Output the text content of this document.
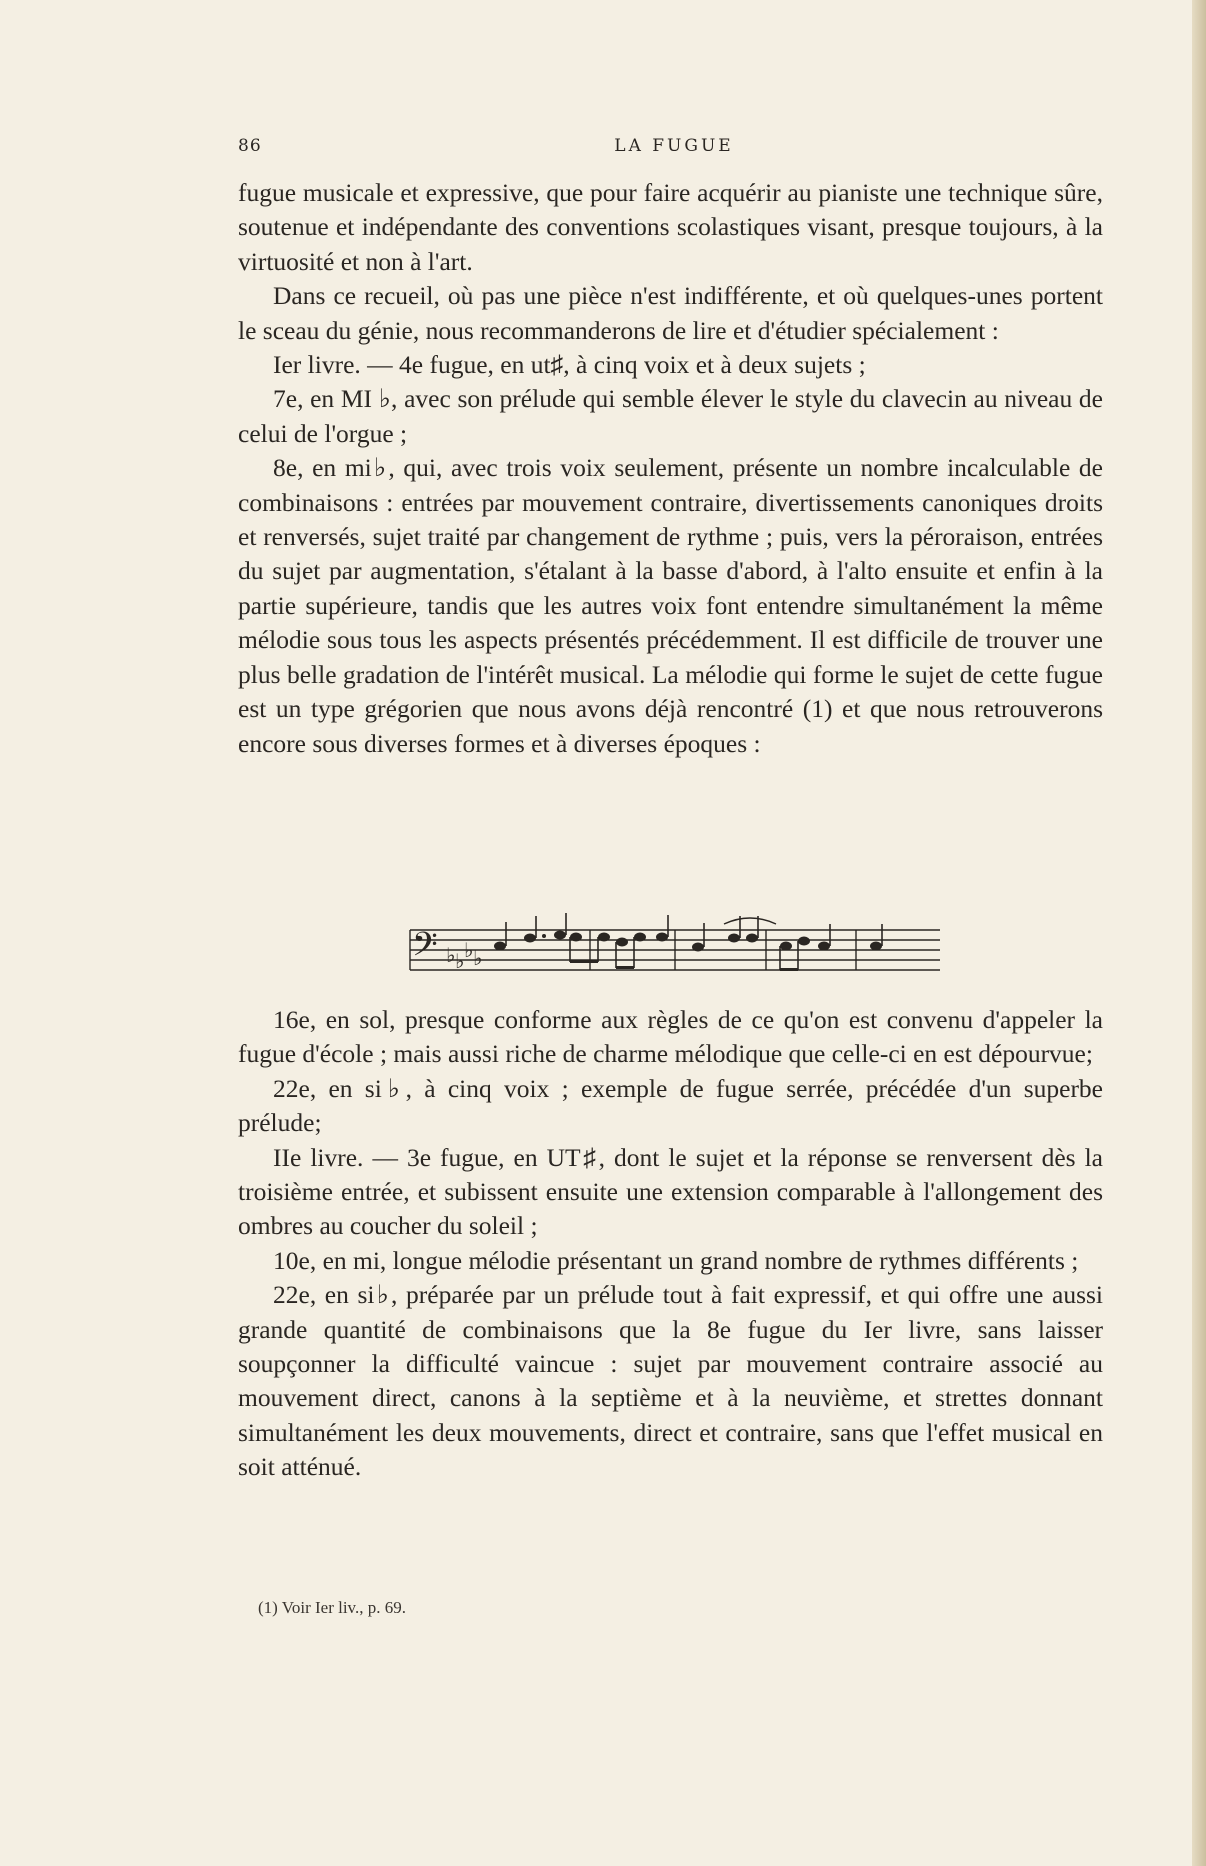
86	LA FUGUE

fugue musicale et expressive, que pour faire acquérir au pianiste une technique sûre, soutenue et indépendante des conventions scolastiques visant, presque toujours, à la virtuosité et non à l'art.

Dans ce recueil, où pas une pièce n'est indifférente, et où quelques-unes portent le sceau du génie, nous recommanderons de lire et d'étudier spécialement :

Ier livre. — 4e fugue, en ut♯, à cinq voix et à deux sujets ;

7e, en MI ♭, avec son prélude qui semble élever le style du clavecin au niveau de celui de l'orgue ;

8e, en mi♭, qui, avec trois voix seulement, présente un nombre incalculable de combinaisons : entrées par mouvement contraire, divertissements canoniques droits et renversés, sujet traité par changement de rythme ; puis, vers la péroraison, entrées du sujet par augmentation, s'étalant à la basse d'abord, à l'alto ensuite et enfin à la partie supérieure, tandis que les autres voix font entendre simultanément la même mélodie sous tous les aspects présentés précédemment. Il est difficile de trouver une plus belle gradation de l'intérêt musical. La mélodie qui forme le sujet de cette fugue est un type grégorien que nous avons déjà rencontré (1) et que nous retrouverons encore sous diverses formes et à diverses époques :

𝄢 ♭ ♭ ♭ ♭

16e, en sol, presque conforme aux règles de ce qu'on est convenu d'appeler la fugue d'école ; mais aussi riche de charme mélodique que celle-ci en est dépourvue;

22e, en si♭, à cinq voix ; exemple de fugue serrée, précédée d'un superbe prélude;

IIe livre. — 3e fugue, en UT♯, dont le sujet et la réponse se renversent dès la troisième entrée, et subissent ensuite une extension comparable à l'allongement des ombres au coucher du soleil ;

10e, en mi, longue mélodie présentant un grand nombre de rythmes différents ;

22e, en si♭, préparée par un prélude tout à fait expressif, et qui offre une aussi grande quantité de combinaisons que la 8e fugue du Ier livre, sans laisser soupçonner la difficulté vaincue : sujet par mouvement contraire associé au mouvement direct, canons à la septième et à la neuvième, et strettes donnant simultanément les deux mouvements, direct et contraire, sans que l'effet musical en soit atténué.

(1) Voir Ier liv., p. 69.
